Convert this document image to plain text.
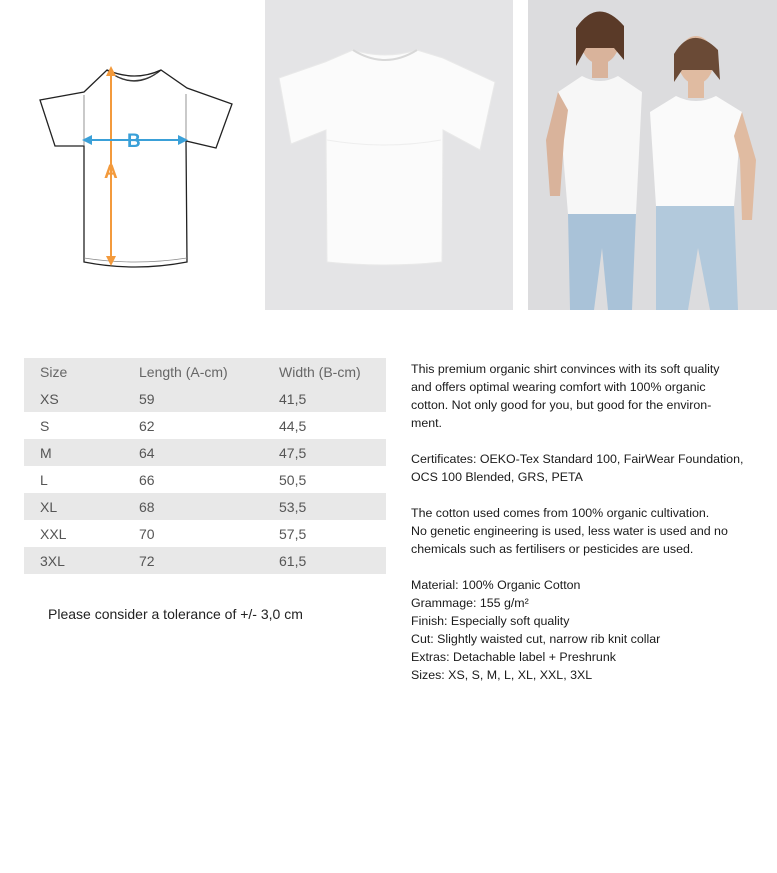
B
A
Size	Length (A-cm)	Width (B-cm)
XS	59	41,5
S	62	44,5
M	64	47,5
L	66	50,5
XL	68	53,5
XXL	70	57,5
3XL	72	61,5
Please consider a tolerance of +/- 3,0 cm

This premium organic shirt convinces with its soft quality
and offers optimal wearing comfort with 100% organic
cotton. Not only good for you, but good for the environ-
ment.

Certificates: OEKO-Tex Standard 100, FairWear Foundation,
OCS 100 Blended, GRS, PETA

The cotton used comes from 100% organic cultivation.
No genetic engineering is used, less water is used and no
chemicals such as fertilisers or pesticides are used.

Material: 100% Organic Cotton
Grammage: 155 g/m²
Finish: Especially soft quality
Cut: Slightly waisted cut, narrow rib knit collar
Extras: Detachable label + Preshrunk
Sizes: XS, S, M, L, XL, XXL, 3XL
